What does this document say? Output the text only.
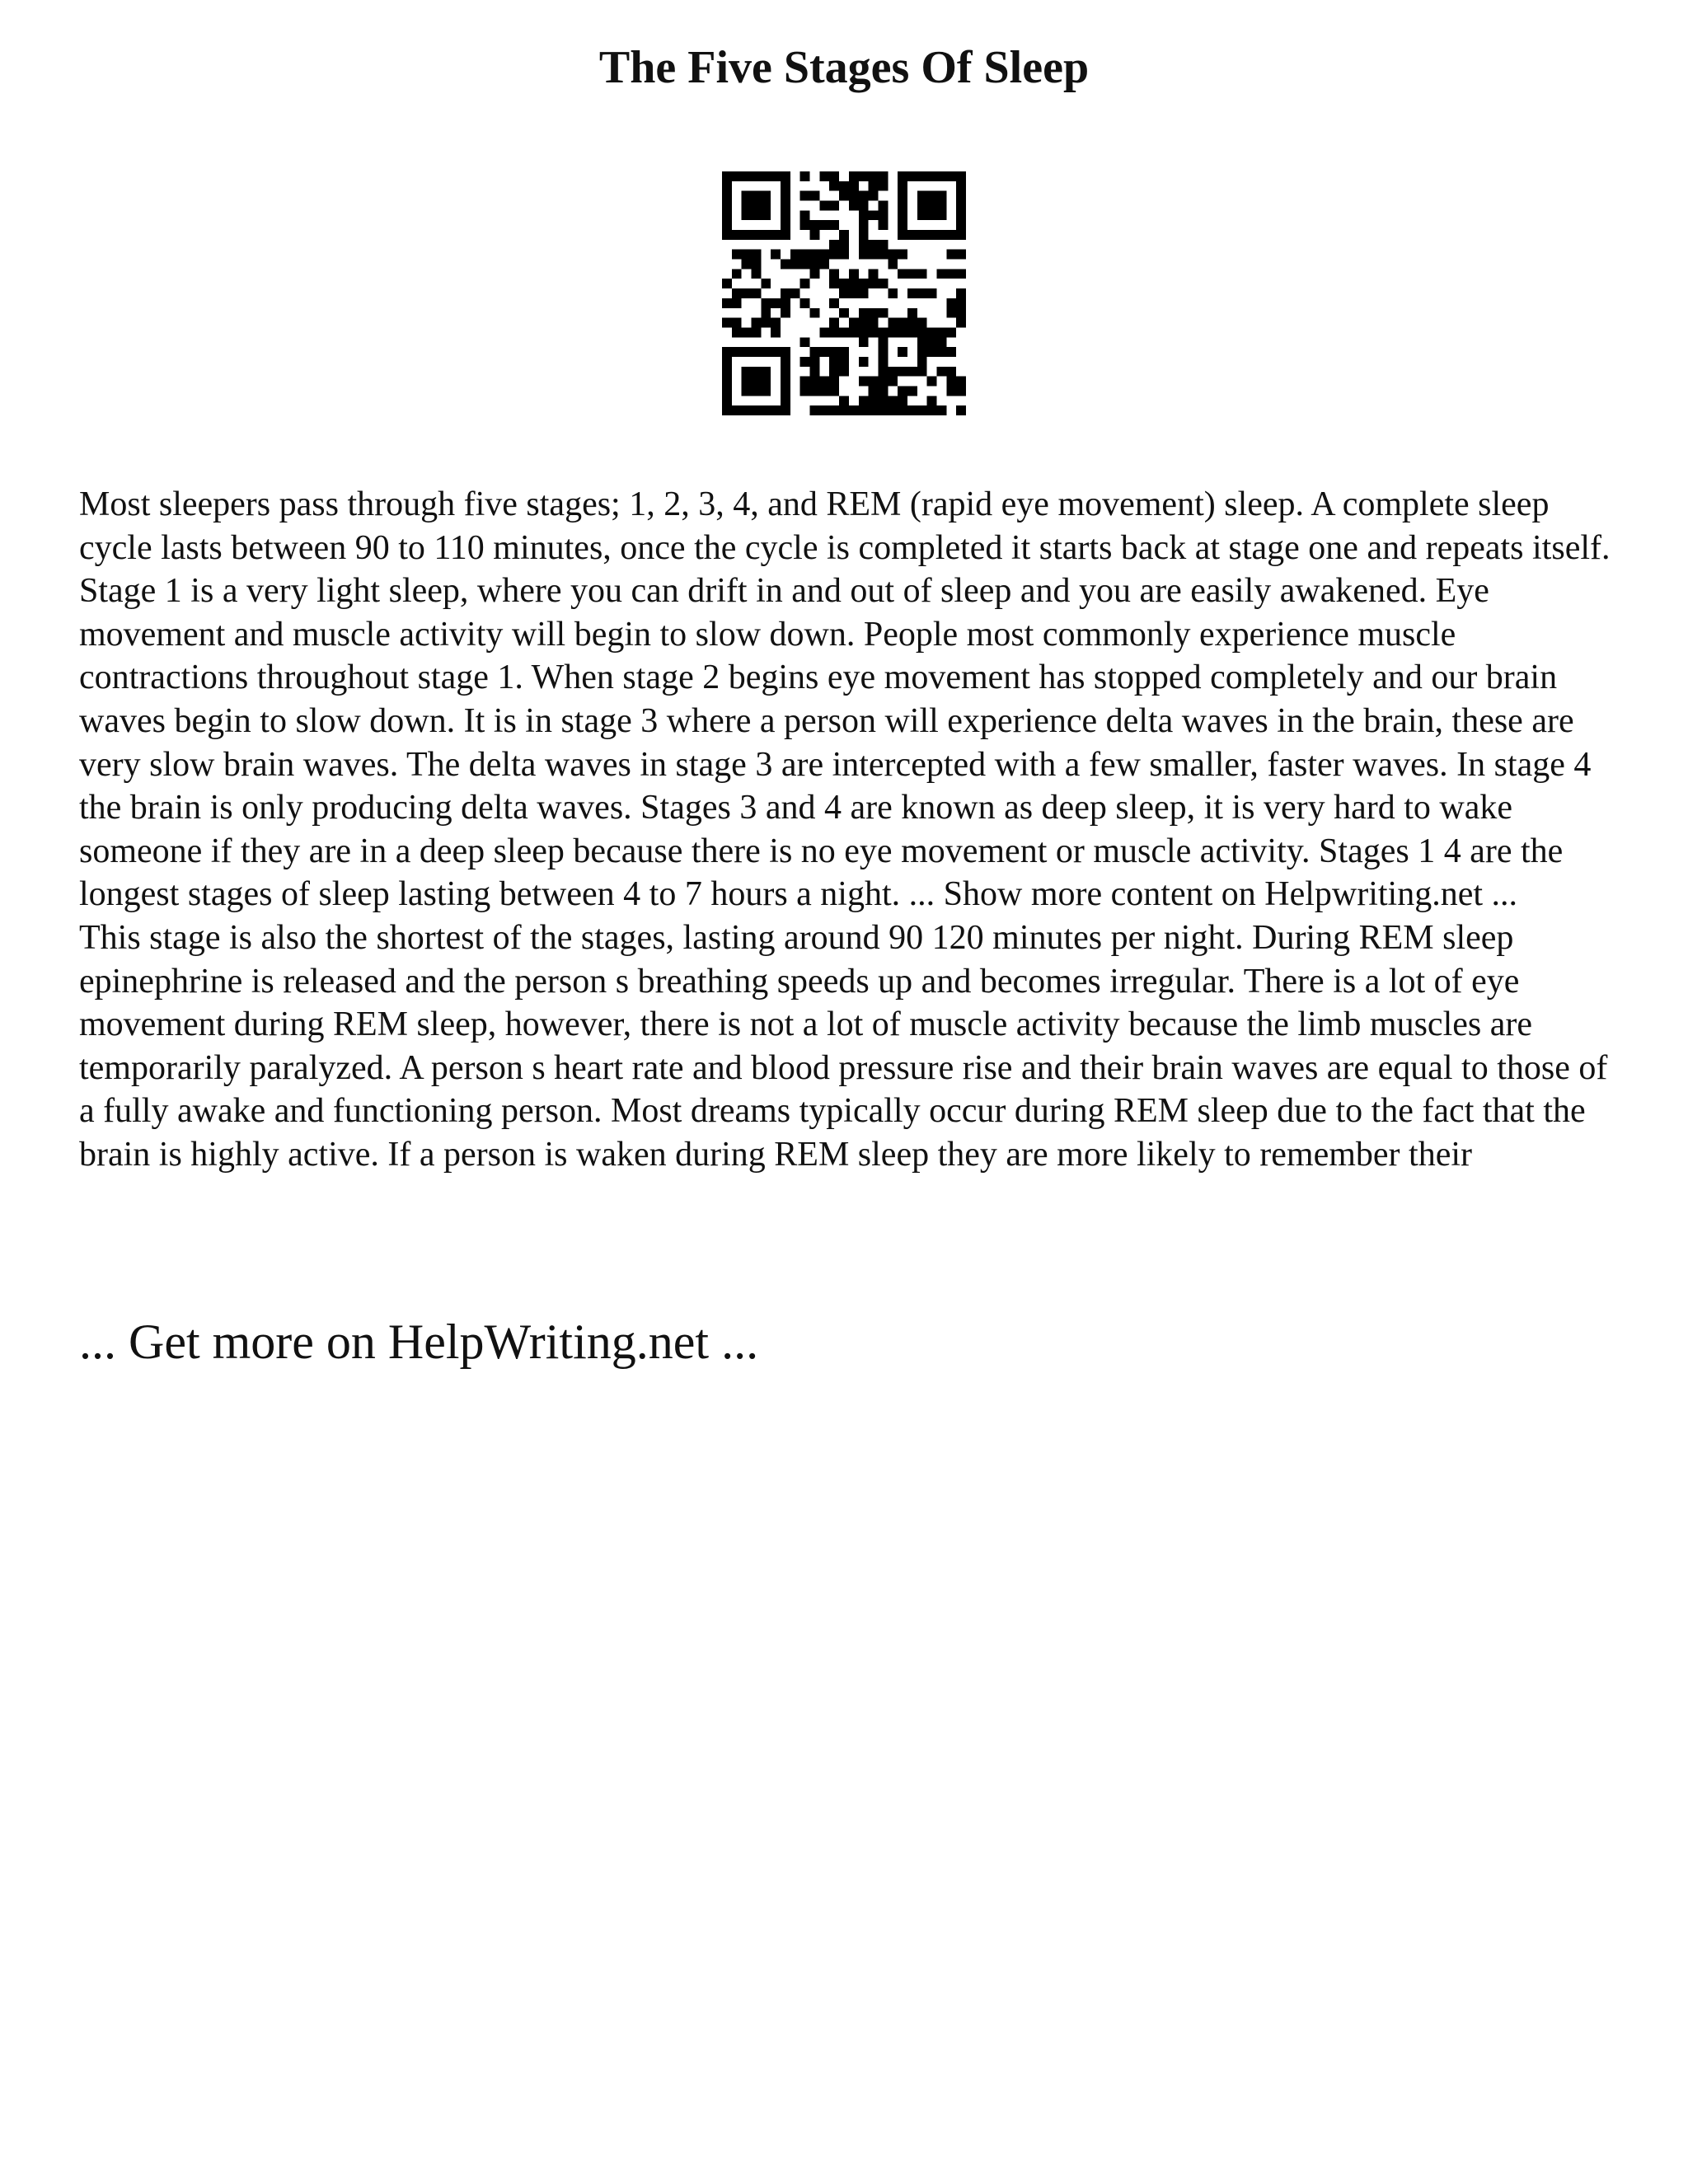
The Five Stages Of Sleep

Most sleepers pass through five stages; 1, 2, 3, 4, and REM (rapid eye movement) sleep. A complete sleep cycle lasts between 90 to 110 minutes, once the cycle is completed it starts back at stage one and repeats itself. Stage 1 is a very light sleep, where you can drift in and out of sleep and you are easily awakened. Eye movement and muscle activity will begin to slow down. People most commonly experience muscle contractions throughout stage 1. When stage 2 begins eye movement has stopped completely and our brain waves begin to slow down. It is in stage 3 where a person will experience delta waves in the brain, these are very slow brain waves. The delta waves in stage 3 are intercepted with a few smaller, faster waves. In stage 4 the brain is only producing delta waves. Stages 3 and 4 are known as deep sleep, it is very hard to wake someone if they are in a deep sleep because there is no eye movement or muscle activity. Stages 1 4 are the longest stages of sleep lasting between 4 to 7 hours a night. ... Show more content on Helpwriting.net ...

This stage is also the shortest of the stages, lasting around 90 120 minutes per night. During REM sleep epinephrine is released and the person s breathing speeds up and becomes irregular. There is a lot of eye movement during REM sleep, however, there is not a lot of muscle activity because the limb muscles are temporarily paralyzed. A person s heart rate and blood pressure rise and their brain waves are equal to those of a fully awake and functioning person. Most dreams typically occur during REM sleep due to the fact that the brain is highly active. If a person is waken during REM sleep they are more likely to remember their

... Get more on HelpWriting.net ...
